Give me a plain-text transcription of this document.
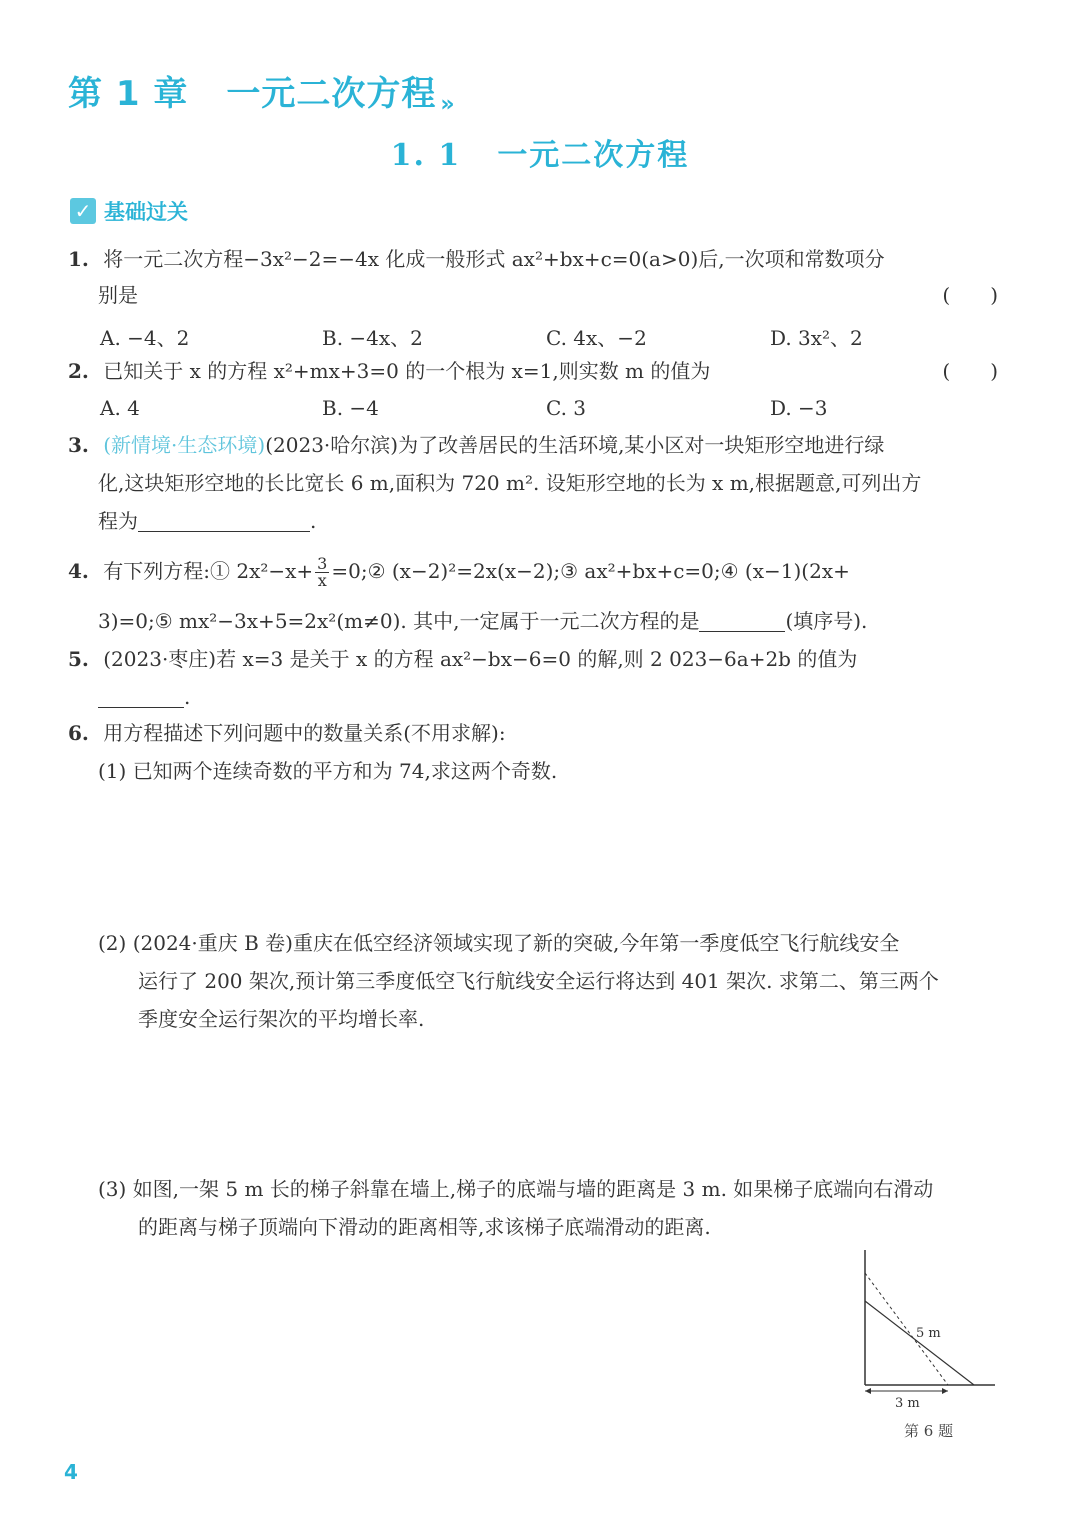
第 1 章 一元二次方程 »
1. 1 一元二次方程
✓ 基础过关
1. 将一元二次方程−3x²−2=−4x 化成一般形式 ax²+bx+c=0(a>0)后,一次项和常数项分
别是	(　　)
A. −4、2	B. −4x、2	C. 4x、−2	D. 3x²、2
2. 已知关于 x 的方程 x²+mx+3=0 的一个根为 x=1,则实数 m 的值为	(　　)
A. 4	B. −4	C. 3	D. −3
3. (新情境·生态环境)(2023·哈尔滨)为了改善居民的生活环境,某小区对一块矩形空地进行绿
化,这块矩形空地的长比宽长 6 m,面积为 720 m². 设矩形空地的长为 x m,根据题意,可列出方
程为	.
4. 有下列方程:① $2x^2-x+ \frac{3}{x}$ =0;② (x−2)²=2x(x−2);③ ax²+bx+c=0;④ (x−1)(2x+
3)=0;⑤ mx²−3x+5=2x²(m≠0). 其中,一定属于一元二次方程的是	(填序号).
5. (2023·枣庄)若 x=3 是关于 x 的方程 ax²−bx−6=0 的解,则 2 023−6a+2b 的值为
.
6. 用方程描述下列问题中的数量关系(不用求解):
(1) 已知两个连续奇数的平方和为 74,求这两个奇数.
(2) (2024·重庆 B 卷)重庆在低空经济领域实现了新的突破,今年第一季度低空飞行航线安全
运行了 200 架次,预计第三季度低空飞行航线安全运行将达到 401 架次. 求第二、第三两个
季度安全运行架次的平均增长率.
(3) 如图,一架 5 m 长的梯子斜靠在墙上,梯子的底端与墙的距离是 3 m. 如果梯子底端向右滑动
的距离与梯子顶端向下滑动的距离相等,求该梯子底端滑动的距离.
5 m
3 m
第 6 题
4
